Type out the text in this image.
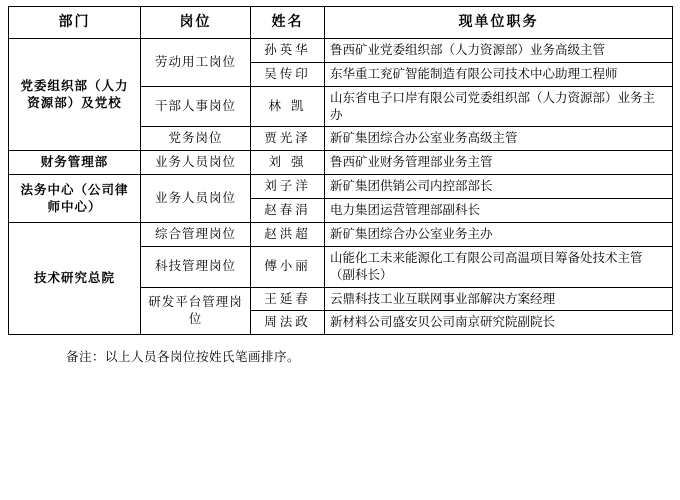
部门	岗位	姓名	现单位职务
党委组织部（人力资源部）及党校	劳动用工岗位	孙英华	鲁西矿业党委组织部（人力资源部）业务高级主管
		吴传印	东华重工兖矿智能制造有限公司技术中心助理工程师
	干部人事岗位	林 凯	山东省电子口岸有限公司党委组织部（人力资源部）业务主办
	党务岗位	贾光泽	新矿集团综合办公室业务高级主管
财务管理部	业务人员岗位	刘 强	鲁西矿业财务管理部业务主管
法务中心（公司律师中心）	业务人员岗位	刘子洋	新矿集团供销公司内控部部长
		赵春涓	电力集团运营管理部副科长
技术研究总院	综合管理岗位	赵洪超	新矿集团综合办公室业务主办
	科技管理岗位	傅小丽	山能化工未来能源化工有限公司高温项目筹备处技术主管（副科长）
	研发平台管理岗位	王延春	云鼎科技工业互联网事业部解决方案经理
		周法政	新材料公司盛安贝公司南京研究院副院长

备注：以上人员各岗位按姓氏笔画排序。
